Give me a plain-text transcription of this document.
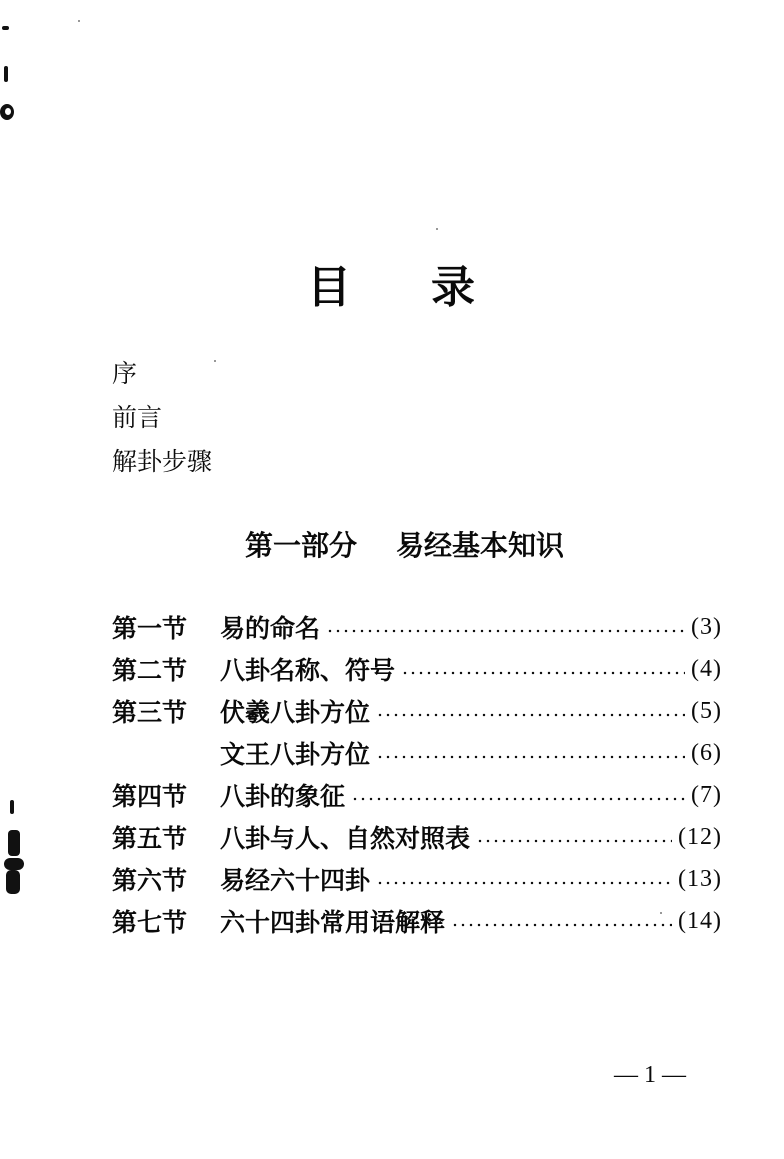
目 录
序
前言
解卦步骤
第一部分    易经基本知识
第一节	易的命名	(3)
第二节	八卦名称、符号	(4)
第三节	伏羲八卦方位	(5)
文王八卦方位	(6)
第四节	八卦的象征	(7)
第五节	八卦与人、自然对照表	(12)
第六节	易经六十四卦	(13)
第七节	六十四卦常用语解释	(14)
— 1 —
